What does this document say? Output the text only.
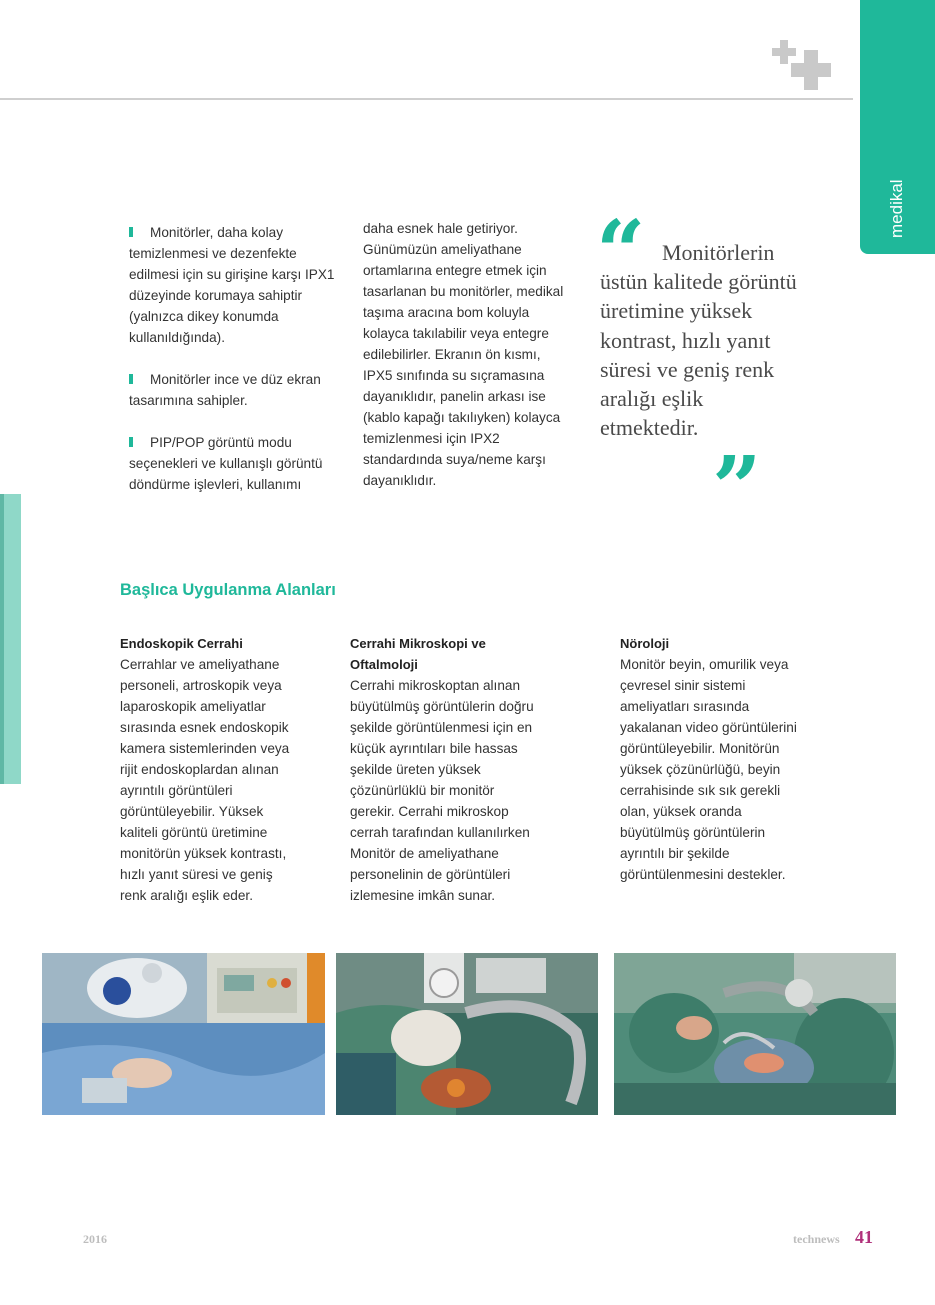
medikal

Monitörler, daha kolay temizlenmesi ve dezenfekte edilmesi için su girişine karşı IPX1 düzeyinde korumaya sahiptir (yalnızca dikey konumda kullanıldığında).

Monitörler ince ve düz ekran tasarımına sahipler.

PIP/POP görüntü modu seçenekleri ve kullanışlı görüntü döndürme işlevleri, kullanımı

daha esnek hale getiriyor. Günümüzün ameliyathane ortamlarına entegre etmek için tasarlanan bu monitörler, medikal taşıma aracına bom koluyla kolayca takılabilir veya entegre edilebilirler. Ekranın ön kısmı, IPX5 sınıfında su sıçramasına dayanıklıdır, panelin arkası ise (kablo kapağı takılıyken) kolayca temizlenmesi için IPX2 standardında suya/neme karşı dayanıklıdır.

“ Monitörlerin üstün kalitede görüntü üretimine yüksek kontrast, hızlı yanıt süresi ve geniş renk aralığı eşlik etmektedir.
”
Başlıca Uygulanma Alanları
Endoskopik Cerrahi

Cerrahlar ve ameliyathane personeli, artroskopik veya laparoskopik ameliyatlar sırasında esnek endoskopik kamera sistemlerinden veya rijit endoskoplardan alınan ayrıntılı görüntüleri görüntüleyebilir. Yüksek kaliteli görüntü üretimine monitörün yüksek kontrastı, hızlı yanıt süresi ve geniş renk aralığı eşlik eder.

Cerrahi Mikroskopi ve Oftalmoloji

Cerrahi mikroskoptan alınan büyütülmüş görüntülerin doğru şekilde görüntülenmesi için en küçük ayrıntıları bile hassas şekilde üreten yüksek çözünürlüklü bir monitör gerekir. Cerrahi mikroskop cerrah tarafından kullanılırken Monitör de ameliyathane personelinin de görüntüleri izlemesine imkân sunar.

Nöroloji

Monitör beyin, omurilik veya çevresel sinir sistemi ameliyatları sırasında yakalanan video görüntülerini görüntüleyebilir. Monitörün yüksek çözünürlüğü, beyin cerrahisinde sık sık gerekli olan, yüksek oranda büyütülmüş görüntülerin ayrıntılı bir şekilde görüntülenmesini destekler.

2016	technews 41
